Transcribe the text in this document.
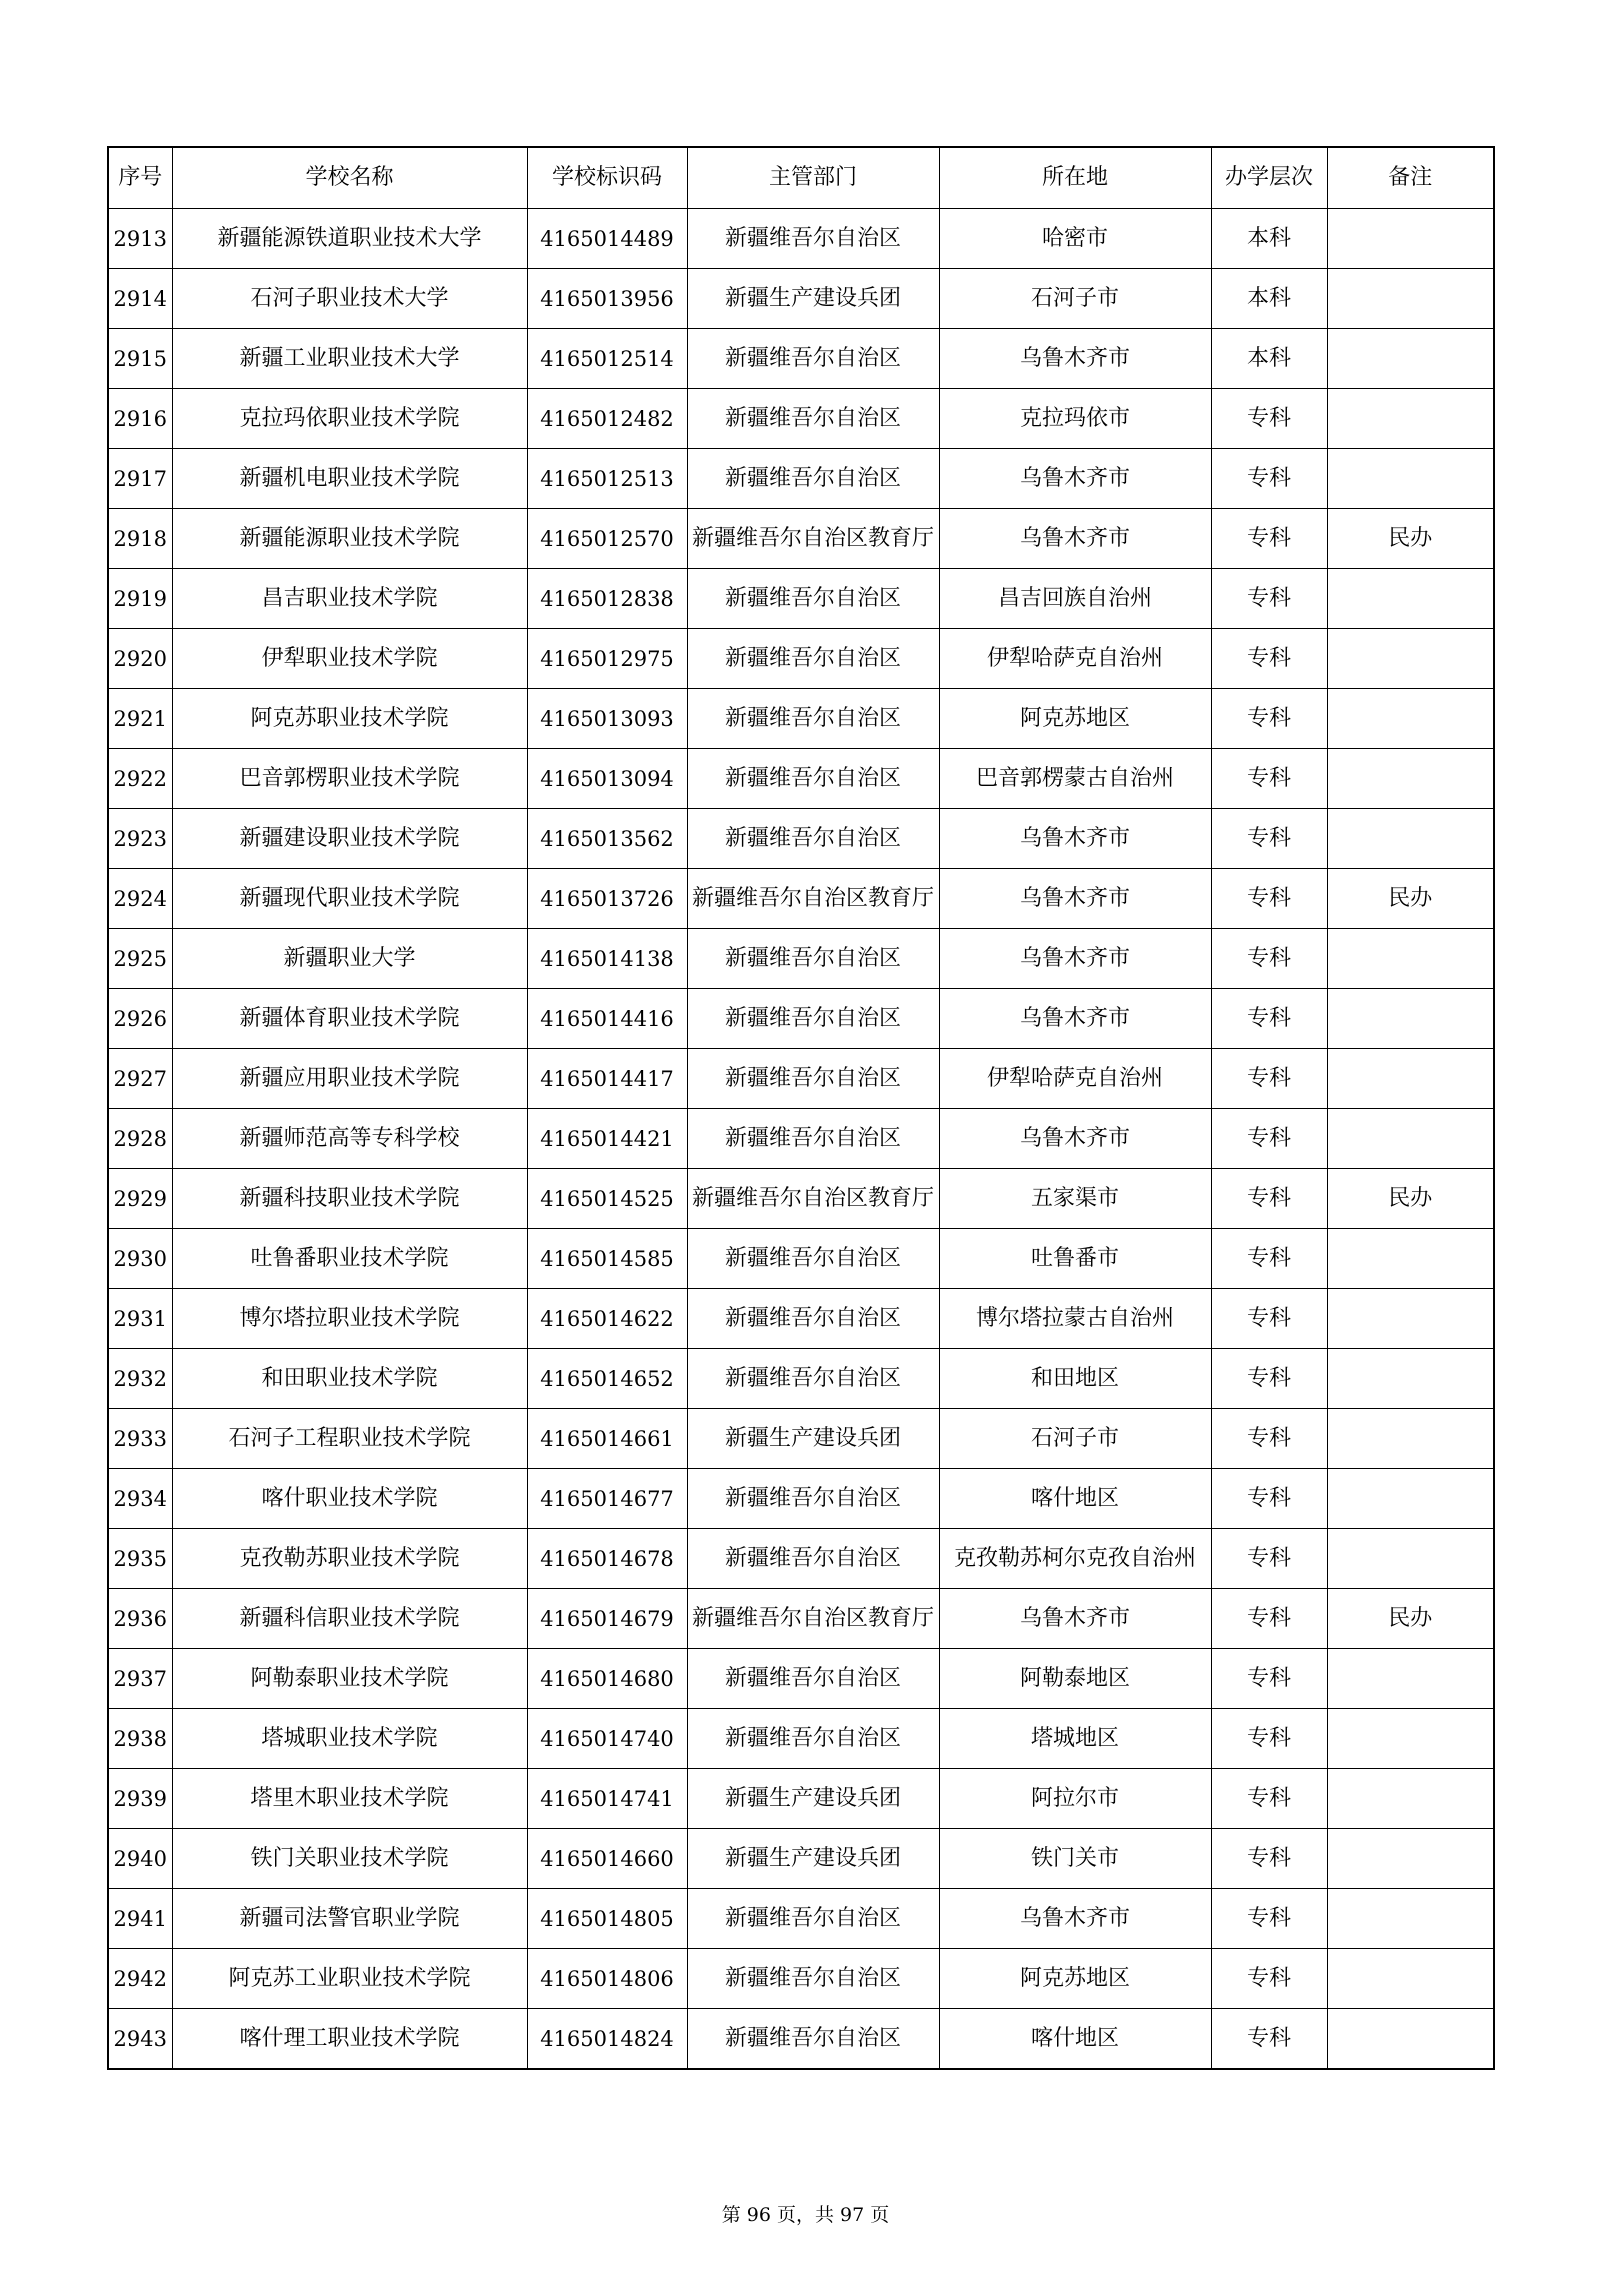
序号	学校名称	学校标识码	主管部门	所在地	办学层次	备注
2913	新疆能源铁道职业技术大学	4165014489	新疆维吾尔自治区	哈密市	本科	
2914	石河子职业技术大学	4165013956	新疆生产建设兵团	石河子市	本科	
2915	新疆工业职业技术大学	4165012514	新疆维吾尔自治区	乌鲁木齐市	本科	
2916	克拉玛依职业技术学院	4165012482	新疆维吾尔自治区	克拉玛依市	专科	
2917	新疆机电职业技术学院	4165012513	新疆维吾尔自治区	乌鲁木齐市	专科	
2918	新疆能源职业技术学院	4165012570	新疆维吾尔自治区教育厅	乌鲁木齐市	专科	民办
2919	昌吉职业技术学院	4165012838	新疆维吾尔自治区	昌吉回族自治州	专科	
2920	伊犁职业技术学院	4165012975	新疆维吾尔自治区	伊犁哈萨克自治州	专科	
2921	阿克苏职业技术学院	4165013093	新疆维吾尔自治区	阿克苏地区	专科	
2922	巴音郭楞职业技术学院	4165013094	新疆维吾尔自治区	巴音郭楞蒙古自治州	专科	
2923	新疆建设职业技术学院	4165013562	新疆维吾尔自治区	乌鲁木齐市	专科	
2924	新疆现代职业技术学院	4165013726	新疆维吾尔自治区教育厅	乌鲁木齐市	专科	民办
2925	新疆职业大学	4165014138	新疆维吾尔自治区	乌鲁木齐市	专科	
2926	新疆体育职业技术学院	4165014416	新疆维吾尔自治区	乌鲁木齐市	专科	
2927	新疆应用职业技术学院	4165014417	新疆维吾尔自治区	伊犁哈萨克自治州	专科	
2928	新疆师范高等专科学校	4165014421	新疆维吾尔自治区	乌鲁木齐市	专科	
2929	新疆科技职业技术学院	4165014525	新疆维吾尔自治区教育厅	五家渠市	专科	民办
2930	吐鲁番职业技术学院	4165014585	新疆维吾尔自治区	吐鲁番市	专科	
2931	博尔塔拉职业技术学院	4165014622	新疆维吾尔自治区	博尔塔拉蒙古自治州	专科	
2932	和田职业技术学院	4165014652	新疆维吾尔自治区	和田地区	专科	
2933	石河子工程职业技术学院	4165014661	新疆生产建设兵团	石河子市	专科	
2934	喀什职业技术学院	4165014677	新疆维吾尔自治区	喀什地区	专科	
2935	克孜勒苏职业技术学院	4165014678	新疆维吾尔自治区	克孜勒苏柯尔克孜自治州	专科	
2936	新疆科信职业技术学院	4165014679	新疆维吾尔自治区教育厅	乌鲁木齐市	专科	民办
2937	阿勒泰职业技术学院	4165014680	新疆维吾尔自治区	阿勒泰地区	专科	
2938	塔城职业技术学院	4165014740	新疆维吾尔自治区	塔城地区	专科	
2939	塔里木职业技术学院	4165014741	新疆生产建设兵团	阿拉尔市	专科	
2940	铁门关职业技术学院	4165014660	新疆生产建设兵团	铁门关市	专科	
2941	新疆司法警官职业学院	4165014805	新疆维吾尔自治区	乌鲁木齐市	专科	
2942	阿克苏工业职业技术学院	4165014806	新疆维吾尔自治区	阿克苏地区	专科	
2943	喀什理工职业技术学院	4165014824	新疆维吾尔自治区	喀什地区	专科	
第 96 页，共 97 页
